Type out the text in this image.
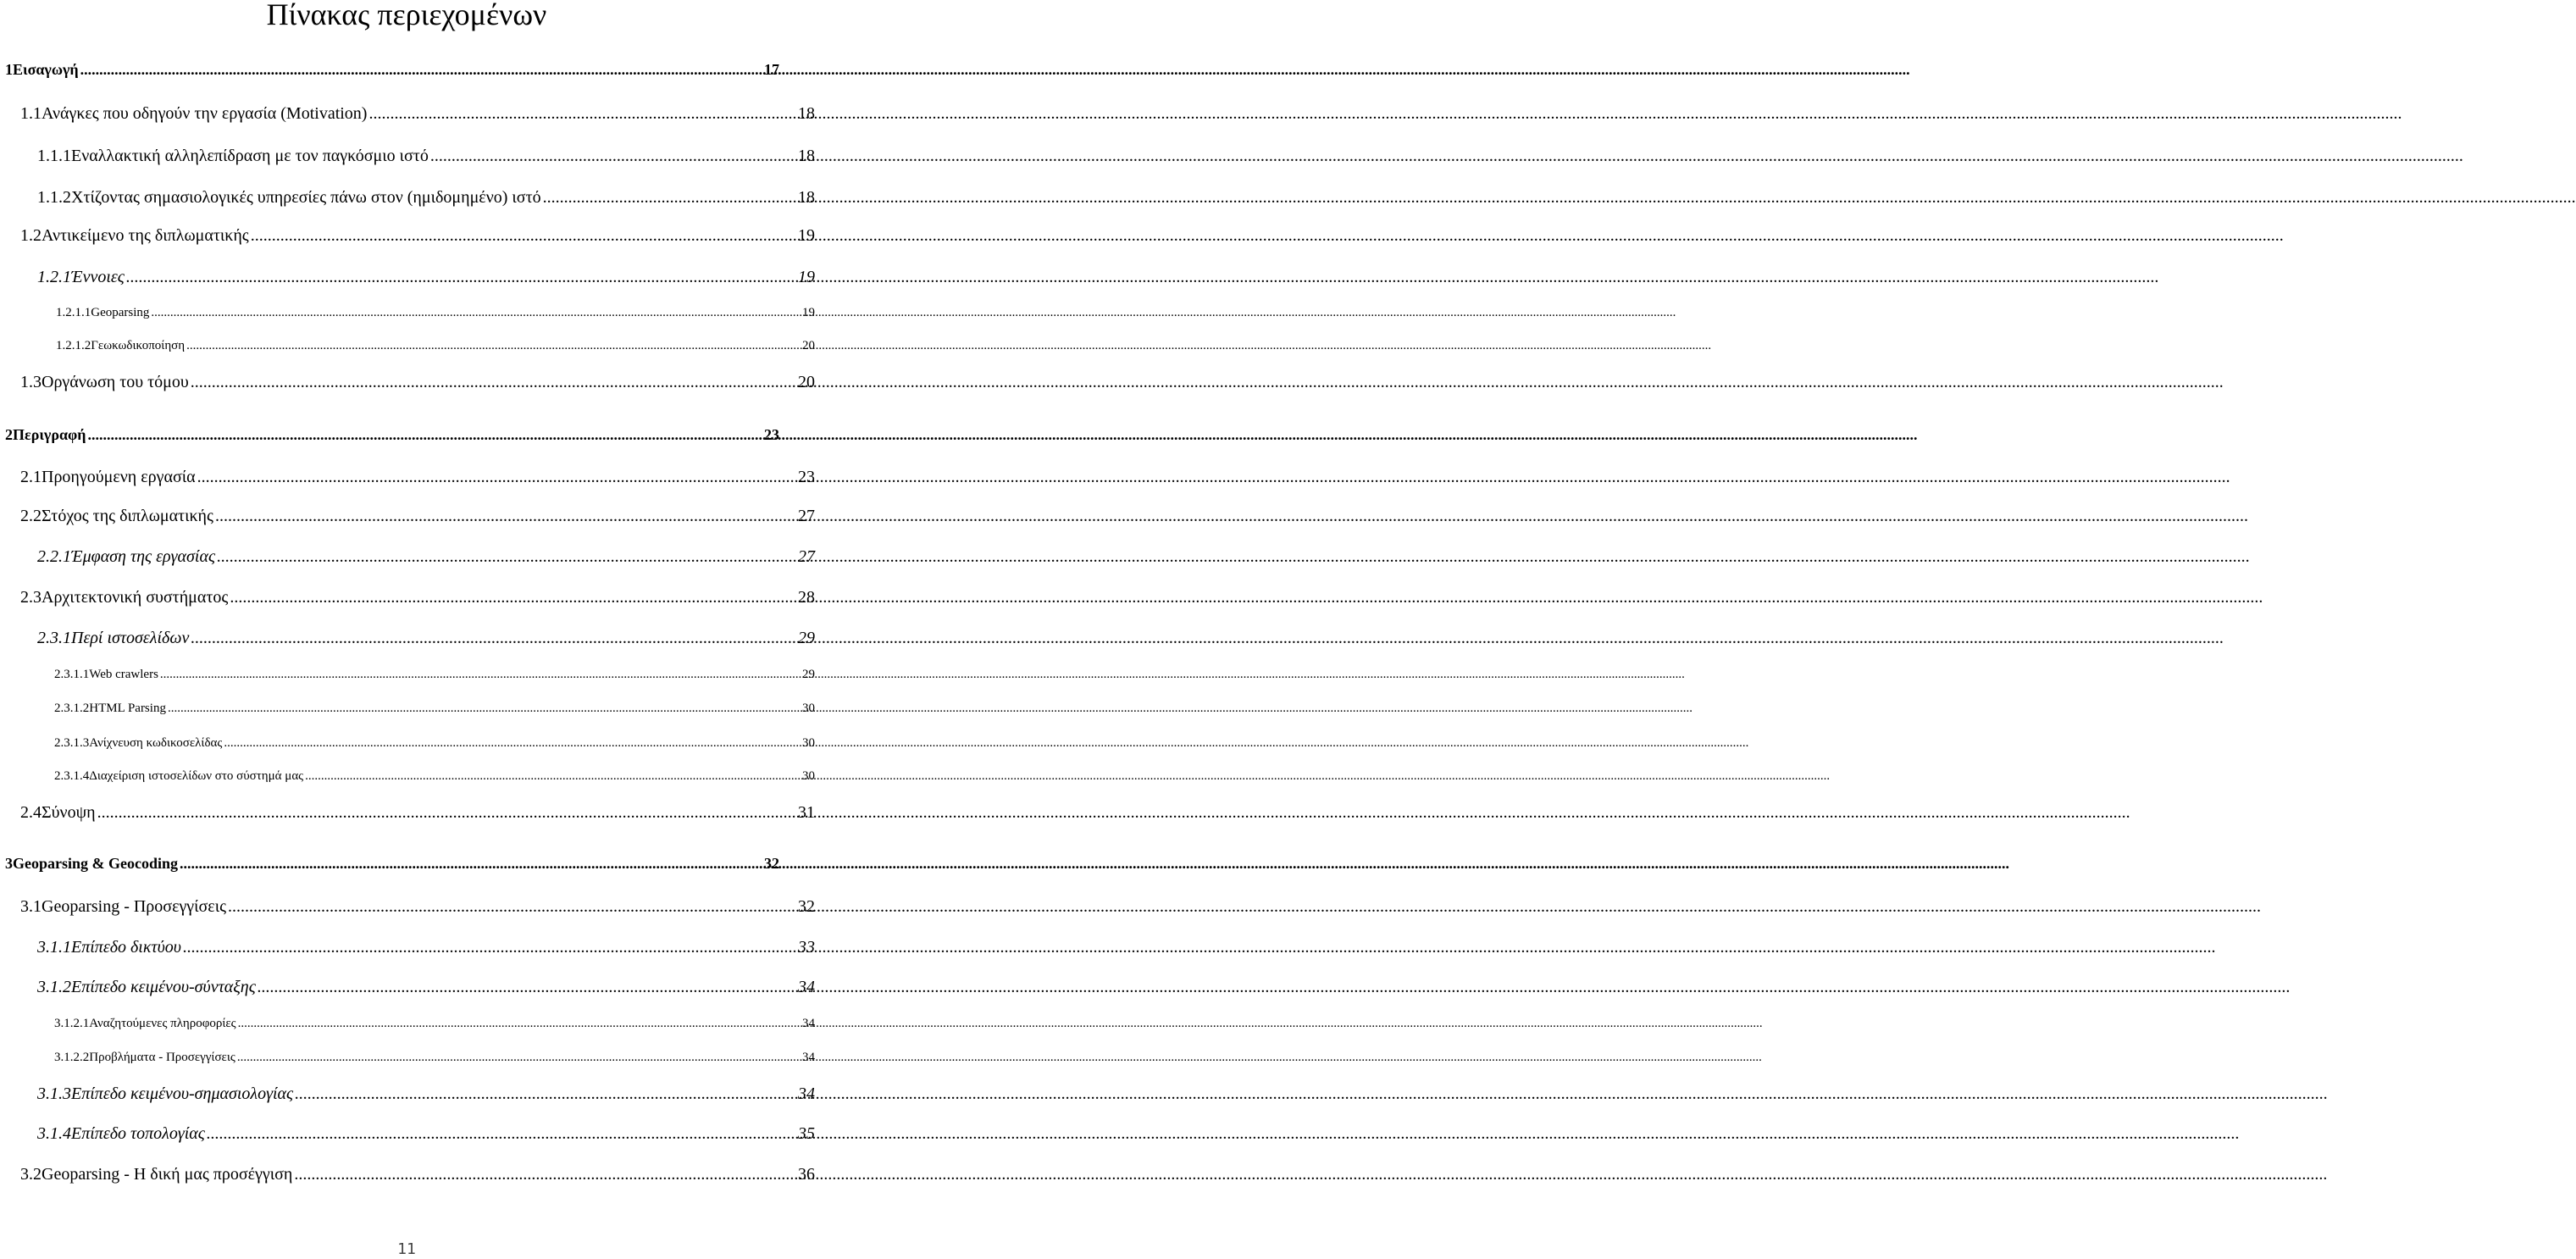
Πίνακας περιεχομένων
1 Εισαγωγή .....	17
1.1 Ανάγκες που οδηγούν την εργασία (Motivation) .....	18
1.1.1 Εναλλακτική αλληλεπίδραση με τον παγκόσμιο ιστό .....	18
1.1.2 Χτίζοντας σημασιολογικές υπηρεσίες πάνω στον (ημιδομημένο) ιστό .....	18
1.2 Αντικείμενο της διπλωματικής .....	19
1.2.1 Έννοιες .....	19
1.2.1.1 Geoparsing .....	19
1.2.1.2 Γεωκωδικοποίηση .....	20
1.3 Οργάνωση του τόμου .....	20
2 Περιγραφή .....	23
2.1 Προηγούμενη εργασία .....	23
2.2 Στόχος της διπλωματικής .....	27
2.2.1 Έμφαση της εργασίας .....	27
2.3 Αρχιτεκτονική συστήματος .....	28
2.3.1 Περί ιστοσελίδων .....	29
2.3.1.1 Web crawlers .....	29
2.3.1.2 HTML Parsing .....	30
2.3.1.3 Ανίχνευση κωδικοσελίδας .....	30
2.3.1.4 Διαχείριση ιστοσελίδων στο σύστημά μας .....	30
2.4 Σύνοψη .....	31
3 Geoparsing & Geocoding .....	32
3.1 Geoparsing - Προσεγγίσεις .....	32
3.1.1 Επίπεδο δικτύου .....	33
3.1.2 Επίπεδο κειμένου-σύνταξης .....	34
3.1.2.1 Αναζητούμενες πληροφορίες .....	34
3.1.2.2 Προβλήματα - Προσεγγίσεις .....	34
3.1.3 Επίπεδο κειμένου-σημασιολογίας .....	34
3.1.4 Επίπεδο τοπολογίας .....	35
3.2 Geoparsing - Η δική μας προσέγγιση .....	36
11
